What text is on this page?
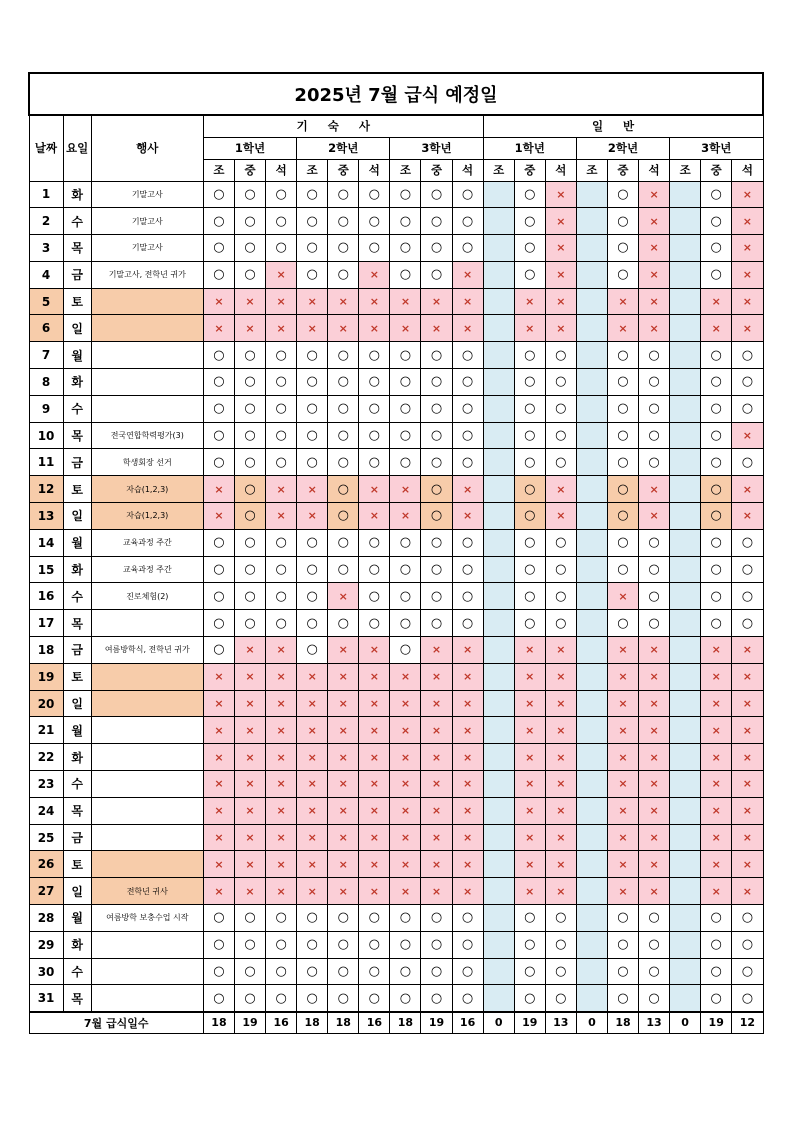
2025년 7월 급식 예정일																				
날짜	요일	행사	기숙사									일반								
			1학년			2학년			3학년			1학년			2학년			3학년		
			조	중	석	조	중	석	조	중	석	조	중	석	조	중	석	조	중	석
1	화	기말고사	○	○	○	○	○	○	○	○	○		○	×		○	×		○	×
2	수	기말고사	○	○	○	○	○	○	○	○	○		○	×		○	×		○	×
3	목	기말고사	○	○	○	○	○	○	○	○	○		○	×		○	×		○	×
4	금	기말고사, 전학년 귀가	○	○	×	○	○	×	○	○	×		○	×		○	×		○	×
5	토		×	×	×	×	×	×	×	×	×		×	×		×	×		×	×
6	일		×	×	×	×	×	×	×	×	×		×	×		×	×		×	×
7	월		○	○	○	○	○	○	○	○	○		○	○		○	○		○	○
8	화		○	○	○	○	○	○	○	○	○		○	○		○	○		○	○
9	수		○	○	○	○	○	○	○	○	○		○	○		○	○		○	○
10	목	전국연합학력평가(3)	○	○	○	○	○	○	○	○	○		○	○		○	○		○	×
11	금	학생회장 선거	○	○	○	○	○	○	○	○	○		○	○		○	○		○	○
12	토	자습(1,2,3)	×	○	×	×	○	×	×	○	×		○	×		○	×		○	×
13	일	자습(1,2,3)	×	○	×	×	○	×	×	○	×		○	×		○	×		○	×
14	월	교육과정 주간	○	○	○	○	○	○	○	○	○		○	○		○	○		○	○
15	화	교육과정 주간	○	○	○	○	○	○	○	○	○		○	○		○	○		○	○
16	수	진로체험(2)	○	○	○	○	×	○	○	○	○		○	○		×	○		○	○
17	목		○	○	○	○	○	○	○	○	○		○	○		○	○		○	○
18	금	여름방학식, 전학년 귀가	○	×	×	○	×	×	○	×	×		×	×		×	×		×	×
19	토		×	×	×	×	×	×	×	×	×		×	×		×	×		×	×
20	일		×	×	×	×	×	×	×	×	×		×	×		×	×		×	×
21	월		×	×	×	×	×	×	×	×	×		×	×		×	×		×	×
22	화		×	×	×	×	×	×	×	×	×		×	×		×	×		×	×
23	수		×	×	×	×	×	×	×	×	×		×	×		×	×		×	×
24	목		×	×	×	×	×	×	×	×	×		×	×		×	×		×	×
25	금		×	×	×	×	×	×	×	×	×		×	×		×	×		×	×
26	토		×	×	×	×	×	×	×	×	×		×	×		×	×		×	×
27	일	전학년 귀사	×	×	×	×	×	×	×	×	×		×	×		×	×		×	×
28	월	여름방학 보충수업 시작	○	○	○	○	○	○	○	○	○		○	○		○	○		○	○
29	화		○	○	○	○	○	○	○	○	○		○	○		○	○		○	○
30	수		○	○	○	○	○	○	○	○	○		○	○		○	○		○	○
31	목		○	○	○	○	○	○	○	○	○		○	○		○	○		○	○
7월 급식일수			18	19	16	18	18	16	18	19	16	0	19	13	0	18	13	0	19	12
